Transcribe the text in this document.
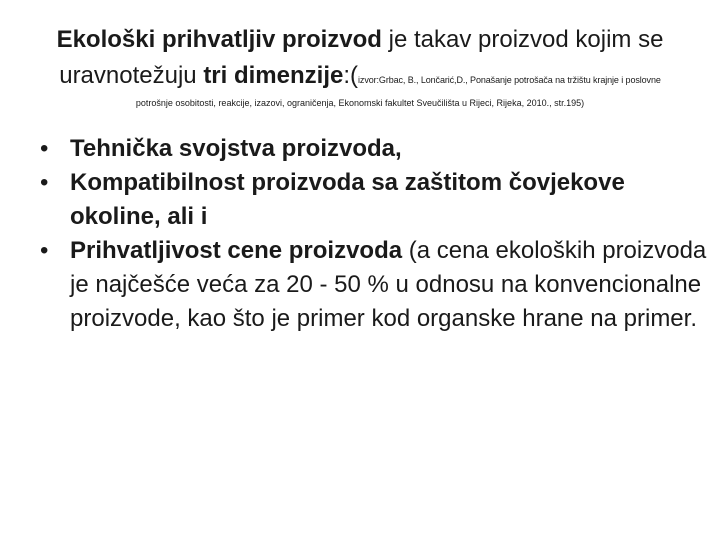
Ekološki prihvatljiv proizvod je takav proizvod kojim se
uravnotežuju tri dimenzije:(izvor:Grbac, B., Lončarić,D., Ponašanje potrošača na tržištu krajnje i poslovne
potrošnje osobitosti, reakcije, izazovi, ograničenja, Ekonomski fakultet Sveučilišta u Rijeci, Rijeka, 2010., str.195)
• Tehnička svojstva proizvoda,
• Kompatibilnost proizvoda sa zaštitom čovjekove okoline, ali i
• Prihvatljivost cene proizvoda (a cena ekoloških proizvoda je najčešće veća za 20 - 50 % u odnosu na konvencionalne proizvode, kao što je primer kod organske hrane na primer.
